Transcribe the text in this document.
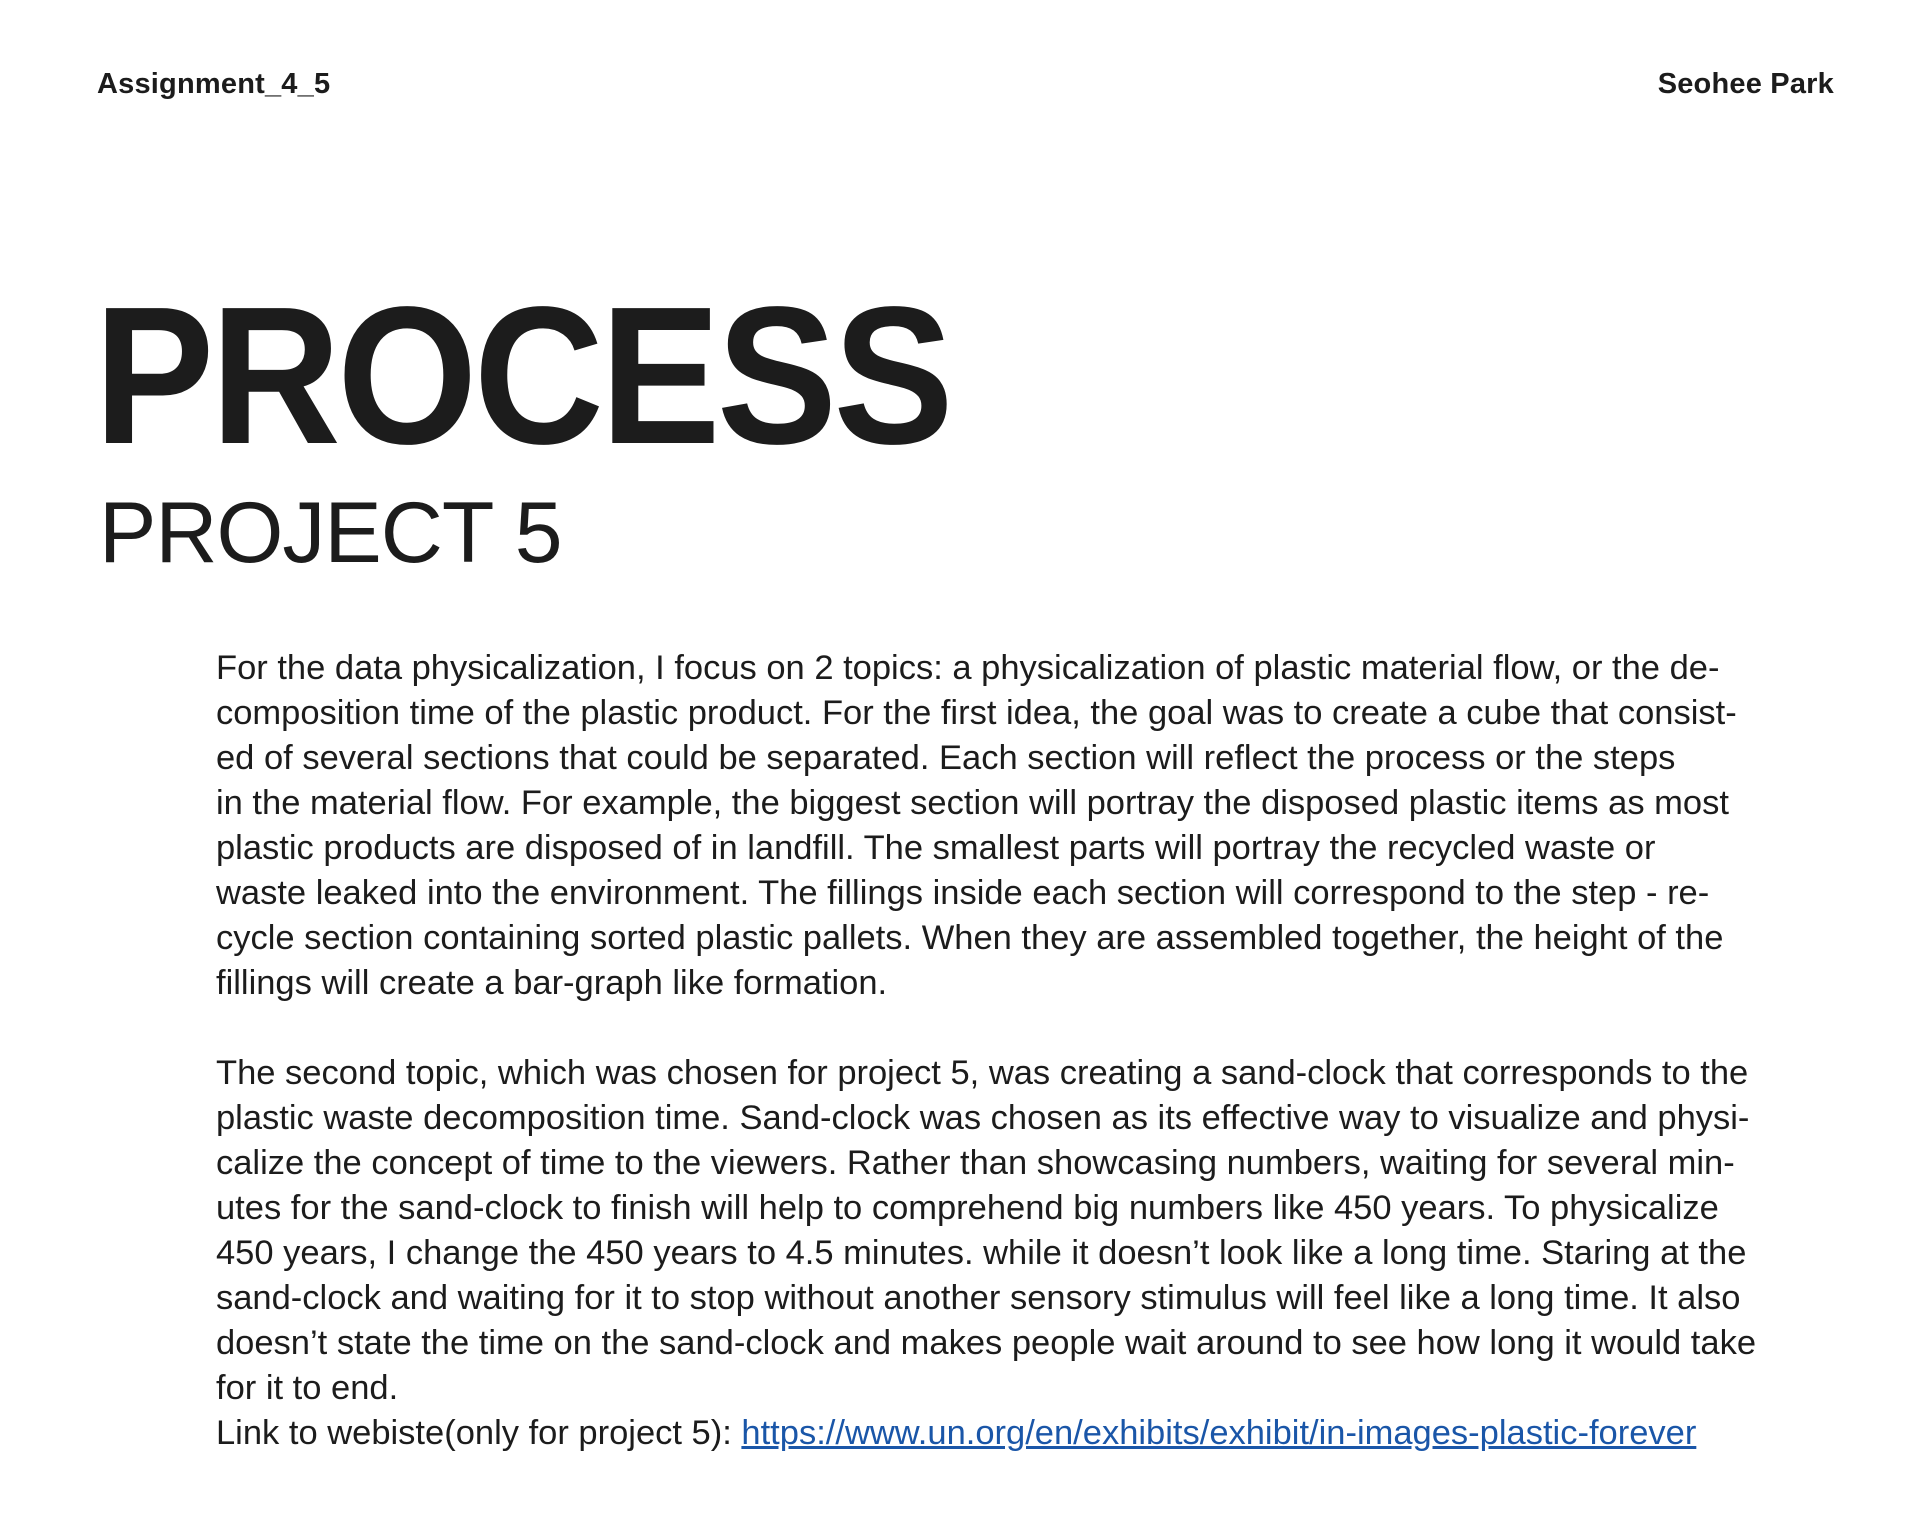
Assignment_4_5	Seohee Park
PROCESS
PROJECT 5

For the data physicalization, I focus on 2 topics: a physicalization of plastic material flow, or the de-
composition time of the plastic product. For the first idea, the goal was to create a cube that consist-
ed of several sections that could be separated. Each section will reflect the process or the steps
in the material flow. For example, the biggest section will portray the disposed plastic items as most
plastic products are disposed of in landfill. The smallest parts will portray the recycled waste or
waste leaked into the environment. The fillings inside each section will correspond to the step - re-
cycle section containing sorted plastic pallets. When they are assembled together, the height of the
fillings will create a bar-graph like formation.

The second topic, which was chosen for project 5, was creating a sand-clock that corresponds to the
plastic waste decomposition time. Sand-clock was chosen as its effective way to visualize and physi-
calize the concept of time to the viewers. Rather than showcasing numbers, waiting for several min-
utes for the sand-clock to finish will help to comprehend big numbers like 450 years. To physicalize
450 years, I change the 450 years to 4.5 minutes. while it doesn’t look like a long time. Staring at the
sand-clock and waiting for it to stop without another sensory stimulus will feel like a long time. It also
doesn’t state the time on the sand-clock and makes people wait around to see how long it would take
for it to end.

Link to webiste(only for project 5): https://www.un.org/en/exhibits/exhibit/in-images-plastic-forever
